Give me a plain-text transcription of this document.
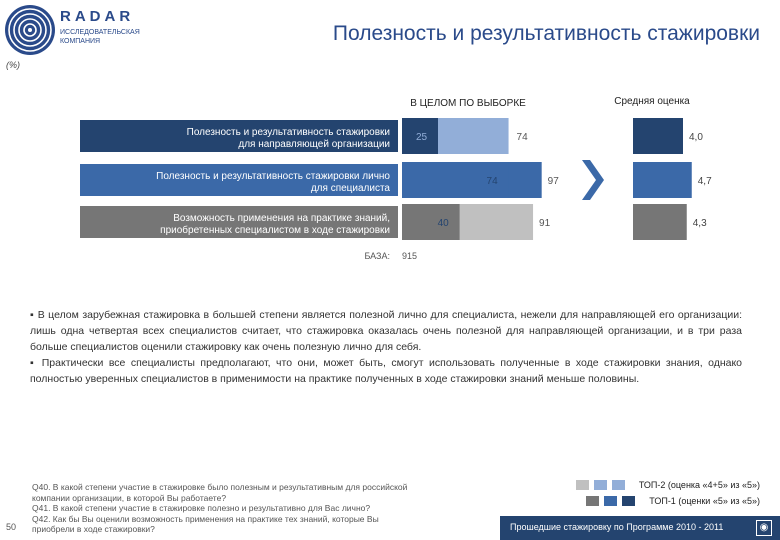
RADAR
ИССЛЕДОВАТЕЛЬСКАЯ КОМПАНИЯ	Полезность и результативность стажировки
(%)
В ЦЕЛОМ ПО ВЫБОРКЕ	Средняя оценка
Полезность и результативность стажировки
для направляющей организации
25	74
Полезность и результативность стажировки лично
для специалиста
74	97
Возможность применения на практике знаний,
приобретенных специалистом в ходе стажировки
40	91
4,0
4,7
4,3
БАЗА: 915

▪ В целом зарубежная стажировка в большей степени является полезной лично для специалиста, нежели для направляющей его организации: лишь одна четвертая всех специалистов считает, что стажировка оказалась очень полезной для направляющей организации, и в три раза больше специалистов оценили стажировку как очень полезную лично для себя.

▪ Практически все специалисты предполагают, что они, может быть, смогут использовать полученные в ходе стажировки знания, однако полностью уверенных специалистов в применимости на практике полученных в ходе стажировки знаний меньше половины.

Q40. В какой степени участие в стажировке было полезным и результативным для российской
компании организации, в которой Вы работаете?
Q41. В какой степени участие в стажировке полезно и результативно для Вас лично?
Q42. Как бы Вы оценили возможность применения на практике тех знаний, которые Вы
приобрели в ходе стажировки?
50
ТОП-2 (оценка «4+5» из «5»)
ТОП-1 (оценки «5» из «5»)
Прошедшие стажировку по Программе 2010 - 2011	◉
